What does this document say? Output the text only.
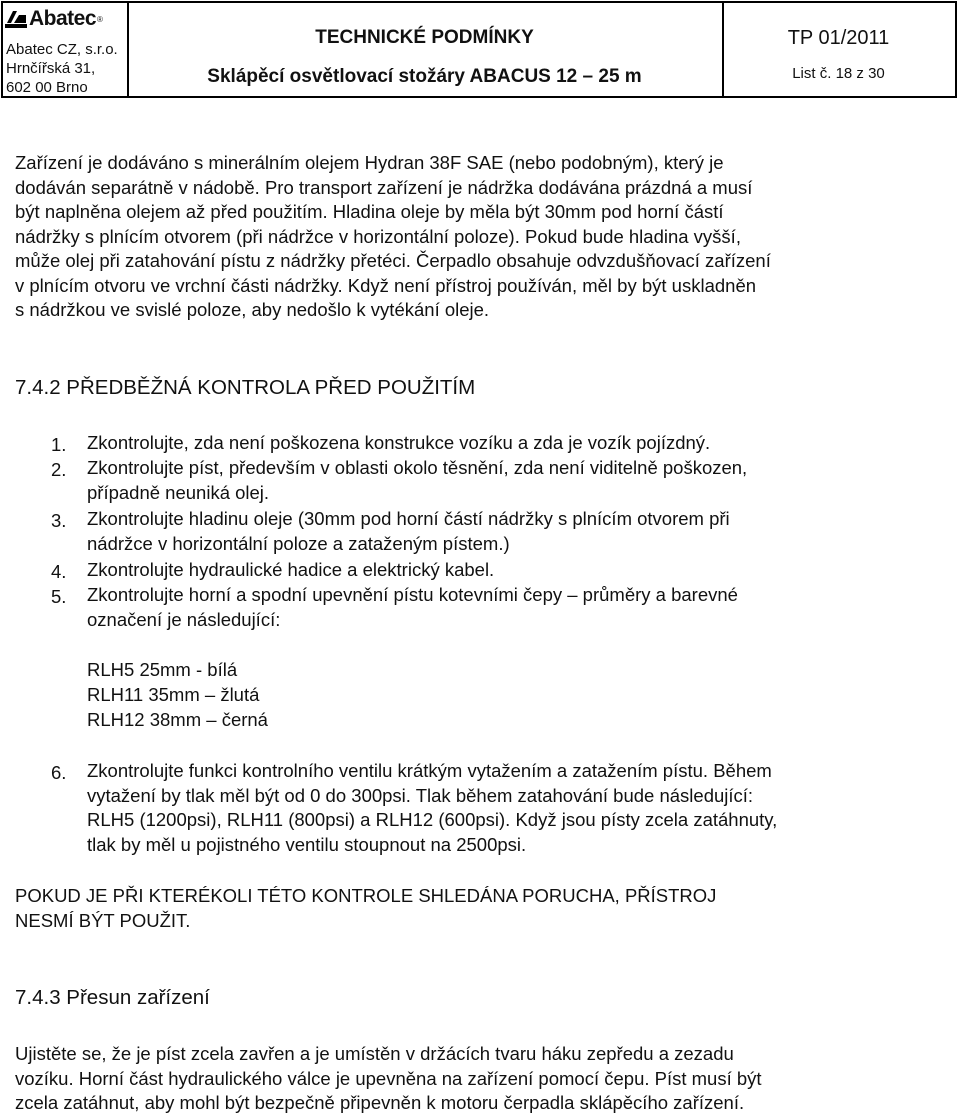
Abatec ®
Abatec CZ, s.r.o.
Hrnčířská 31,
602 00 Brno
TECHNICKÉ PODMÍNKY
Sklápěcí osvětlovací stožáry ABACUS 12 – 25 m
TP 01/2011
List č. 18 z 30
Zařízení je dodáváno s minerálním olejem Hydran 38F SAE (nebo podobným), který je
dodáván separátně v nádobě. Pro transport zařízení je nádržka dodávána prázdná a musí
být naplněna olejem až před použitím. Hladina oleje by měla být 30mm pod horní částí
nádržky s plnícím otvorem (při nádržce v horizontální poloze). Pokud bude hladina vyšší,
může olej při zatahování pístu z nádržky přetéci. Čerpadlo obsahuje odvzdušňovací zařízení
v plnícím otvoru ve vrchní části nádržky. Když není přístroj používán, měl by být uskladněn
s nádržkou ve svislé poloze, aby nedošlo k vytékání oleje.
7.4.2 PŘEDBĚŽNÁ KONTROLA PŘED POUŽITÍM
1. Zkontrolujte, zda není poškozena konstrukce vozíku a zda je vozík pojízdný.
2. Zkontrolujte píst, především v oblasti okolo těsnění, zda není viditelně poškozen,
případně neuniká olej.
3. Zkontrolujte hladinu oleje (30mm pod horní částí nádržky s plnícím otvorem při
nádržce v horizontální poloze a zataženým pístem.)
4. Zkontrolujte hydraulické hadice a elektrický kabel.
5. Zkontrolujte horní a spodní upevnění pístu kotevními čepy – průměry a barevné
označení je následující:
RLH5 25mm - bílá
RLH11 35mm – žlutá
RLH12 38mm – černá
6. Zkontrolujte funkci kontrolního ventilu krátkým vytažením a zatažením pístu. Během
vytažení by tlak měl být od 0 do 300psi. Tlak během zatahování bude následující:
RLH5 (1200psi), RLH11 (800psi) a RLH12 (600psi). Když jsou písty zcela zatáhnuty,
tlak by měl u pojistného ventilu stoupnout na 2500psi.
POKUD JE PŘI KTERÉKOLI TÉTO KONTROLE SHLEDÁNA PORUCHA, PŘÍSTROJ
NESMÍ BÝT POUŽIT.
7.4.3 Přesun zařízení
Ujistěte se, že je píst zcela zavřen a je umístěn v držácích tvaru háku zepředu a zezadu
vozíku. Horní část hydraulického válce je upevněna na zařízení pomocí čepu. Píst musí být
zcela zatáhnut, aby mohl být bezpečně připevněn k motoru čerpadla sklápěcího zařízení.
